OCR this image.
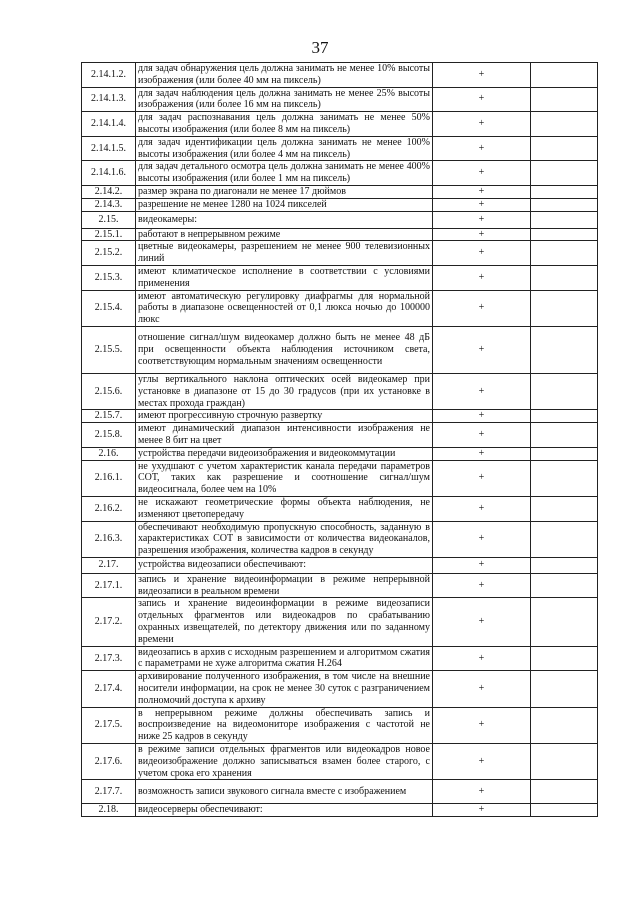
37
2.14.1.2.	для задач обнаружения цель должна занимать не менее 10% высоты изображения (или более 40 мм на пиксель)	+	
2.14.1.3.	для задач наблюдения цель должна занимать не менее 25% высоты изображения (или более 16 мм на пиксель)	+	
2.14.1.4.	для задач распознавания цель должна занимать не менее 50% высоты изображения (или более 8 мм на пиксель)	+	
2.14.1.5.	для задач идентификации цель должна занимать не менее 100% высоты изображения (или более 4 мм на пиксель)	+	
2.14.1.6.	для задач детального осмотра цель должна занимать не менее 400% высоты изображения (или более 1 мм на пиксель)	+	
2.14.2.	размер экрана по диагонали не менее 17 дюймов	+	
2.14.3.	разрешение не менее 1280 на 1024 пикселей	+	
2.15.	видеокамеры:	+	
2.15.1.	работают в непрерывном режиме	+	
2.15.2.	цветные видеокамеры, разрешением не менее 900 телевизионных линий	+	
2.15.3.	имеют климатическое исполнение в соответствии с условиями применения	+	
2.15.4.	имеют автоматическую регулировку диафрагмы для нормальной работы в диапазоне освещенностей от 0,1 люкса ночью до 100000 люкс	+	
2.15.5.	отношение сигнал/шум видеокамер должно быть не менее 48 дБ при освещенности объекта наблюдения источником света, соответствующим нормальным значениям освещенности	+	
2.15.6.	углы вертикального наклона оптических осей видеокамер при установке в диапазоне от 15 до 30 градусов (при их установке в местах прохода граждан)	+	
2.15.7.	имеют прогрессивную строчную развертку	+	
2.15.8.	имеют динамический диапазон интенсивности изображения не менее 8 бит на цвет	+	
2.16.	устройства передачи видеоизображения и видеокоммутации	+	
2.16.1.	не ухудшают с учетом характеристик канала передачи параметров СОТ, таких как разрешение и соотношение сигнал/шум видеосигнала, более чем на 10%	+	
2.16.2.	не искажают геометрические формы объекта наблюдения, не изменяют цветопередачу	+	
2.16.3.	обеспечивают необходимую пропускную способность, заданную в характеристиках СОТ в зависимости от количества видеоканалов, разрешения изображения, количества кадров в секунду	+	
2.17.	устройства видеозаписи обеспечивают:	+	
2.17.1.	запись и хранение видеоинформации в режиме непрерывной видеозаписи в реальном времени	+	
2.17.2.	запись и хранение видеоинформации в режиме видеозаписи отдельных фрагментов или видеокадров по срабатыванию охранных извещателей, по детектору движения или по заданному времени	+	
2.17.3.	видеозапись в архив с исходным разрешением и алгоритмом сжатия с параметрами не хуже алгоритма сжатия H.264	+	
2.17.4.	архивирование полученного изображения, в том числе на внешние носители информации, на срок не менее 30 суток с разграничением полномочий доступа к архиву	+	
2.17.5.	в непрерывном режиме должны обеспечивать запись и воспроизведение на видеомониторе изображения с частотой не ниже 25 кадров в секунду	+	
2.17.6.	в режиме записи отдельных фрагментов или видеокадров новое видеоизображение должно записываться взамен более старого, с учетом срока его хранения	+	
2.17.7.	возможность записи звукового сигнала вместе с изображением	+	
2.18.	видеосерверы обеспечивают:	+	
